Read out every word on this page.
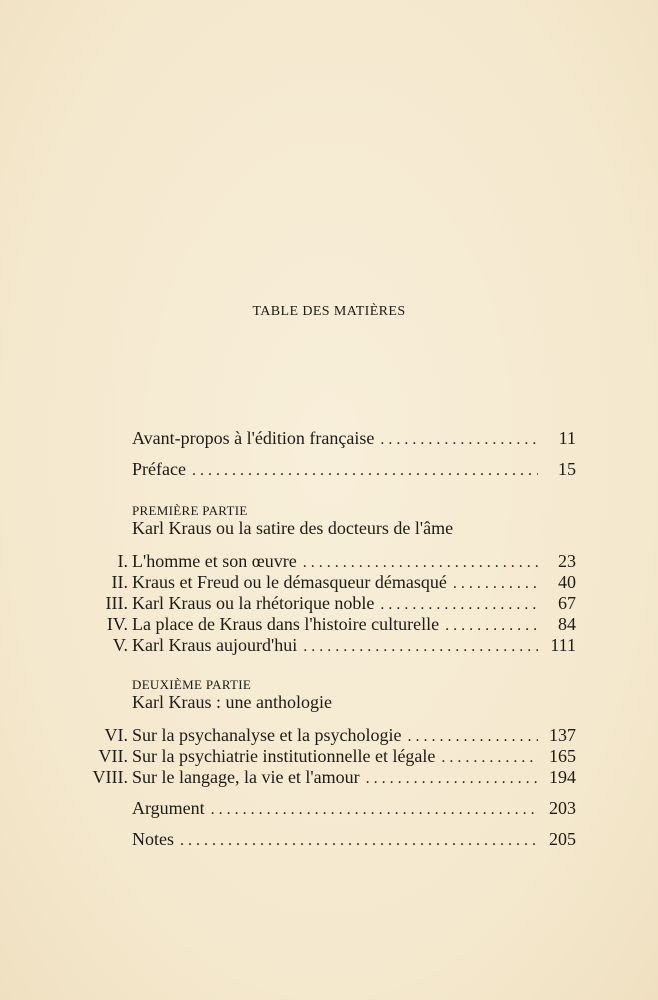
TABLE DES MATIÈRES
Avant-propos à l'édition française . . .	11
Préface . . .	15
PREMIÈRE PARTIE
Karl Kraus ou la satire des docteurs de l'âme
I. L'homme et son œuvre . . .	23
II. Kraus et Freud ou le démasqueur démasqué . . .	40
III. Karl Kraus ou la rhétorique noble . . .	67
IV. La place de Kraus dans l'histoire culturelle . . .	84
V. Karl Kraus aujourd'hui . . .	111
DEUXIÈME PARTIE
Karl Kraus : une anthologie
VI. Sur la psychanalyse et la psychologie . . .	137
VII. Sur la psychiatrie institutionnelle et légale . . .	165
VIII. Sur le langage, la vie et l'amour . . .	194
Argument . . .	203
Notes . . .	205
